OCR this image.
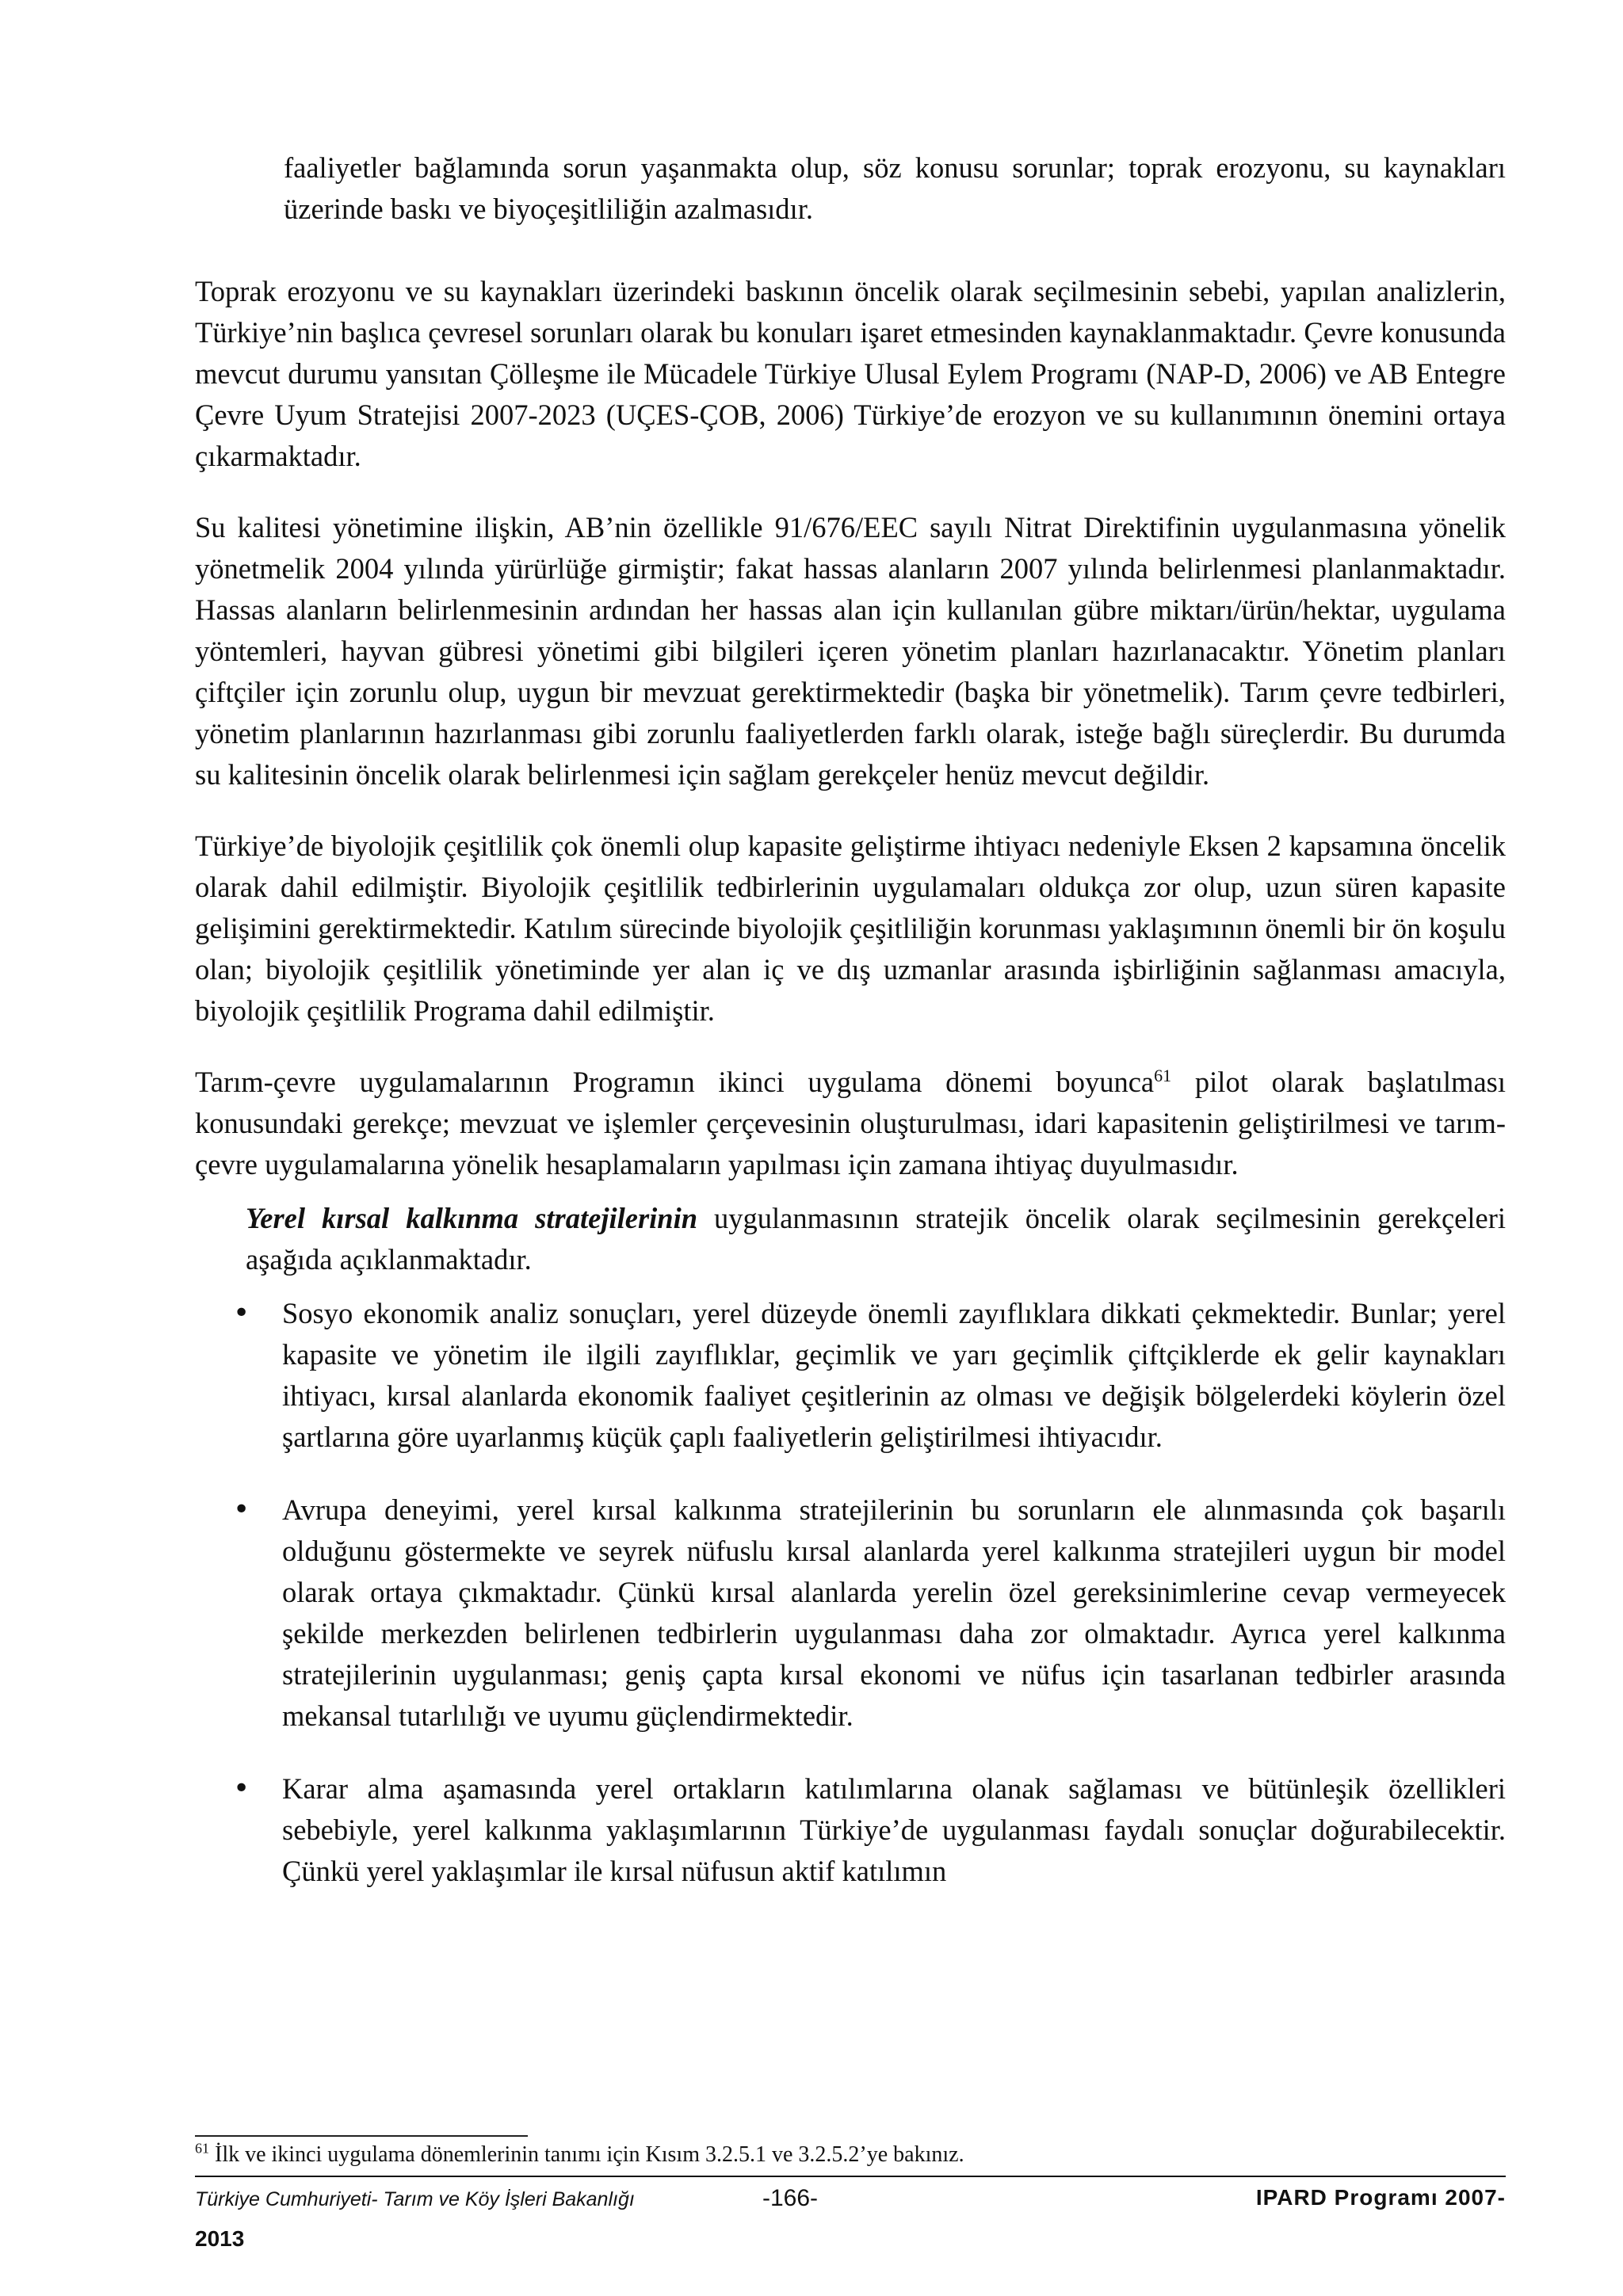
faaliyetler bağlamında sorun yaşanmakta olup, söz konusu sorunlar; toprak erozyonu, su kaynakları üzerinde baskı ve biyoçeşitliliğin azalmasıdır.

Toprak erozyonu ve su kaynakları üzerindeki baskının öncelik olarak seçilmesinin sebebi, yapılan analizlerin, Türkiye’nin başlıca çevresel sorunları olarak bu konuları işaret etmesinden kaynaklanmaktadır. Çevre konusunda mevcut durumu yansıtan Çölleşme ile Mücadele Türkiye Ulusal Eylem Programı (NAP-D, 2006) ve AB Entegre Çevre Uyum Stratejisi 2007-2023 (UÇES-ÇOB, 2006) Türkiye’de erozyon ve su kullanımının önemini ortaya çıkarmaktadır.

Su kalitesi yönetimine ilişkin, AB’nin özellikle 91/676/EEC sayılı Nitrat Direktifinin uygulanmasına yönelik yönetmelik 2004 yılında yürürlüğe girmiştir; fakat hassas alanların 2007 yılında belirlenmesi planlanmaktadır. Hassas alanların belirlenmesinin ardından her hassas alan için kullanılan gübre miktarı/ürün/hektar, uygulama yöntemleri, hayvan gübresi yönetimi gibi bilgileri içeren yönetim planları hazırlanacaktır. Yönetim planları çiftçiler için zorunlu olup, uygun bir mevzuat gerektirmektedir (başka bir yönetmelik). Tarım çevre tedbirleri, yönetim planlarının hazırlanması gibi zorunlu faaliyetlerden farklı olarak, isteğe bağlı süreçlerdir. Bu durumda su kalitesinin öncelik olarak belirlenmesi için sağlam gerekçeler henüz mevcut değildir.

Türkiye’de biyolojik çeşitlilik çok önemli olup kapasite geliştirme ihtiyacı nedeniyle Eksen 2 kapsamına öncelik olarak dahil edilmiştir. Biyolojik çeşitlilik tedbirlerinin uygulamaları oldukça zor olup, uzun süren kapasite gelişimini gerektirmektedir. Katılım sürecinde biyolojik çeşitliliğin korunması yaklaşımının önemli bir ön koşulu olan; biyolojik çeşitlilik yönetiminde yer alan iç ve dış uzmanlar arasında işbirliğinin sağlanması amacıyla, biyolojik çeşitlilik Programa dahil edilmiştir.

Tarım-çevre uygulamalarının Programın ikinci uygulama dönemi boyunca$^{61}$ pilot olarak başlatılması konusundaki gerekçe; mevzuat ve işlemler çerçevesinin oluşturulması, idari kapasitenin geliştirilmesi ve tarım-çevre uygulamalarına yönelik hesaplamaların yapılması için zamana ihtiyaç duyulmasıdır.

Yerel kırsal kalkınma stratejilerinin uygulanmasının stratejik öncelik olarak seçilmesinin gerekçeleri aşağıda açıklanmaktadır.

• Sosyo ekonomik analiz sonuçları, yerel düzeyde önemli zayıflıklara dikkati çekmektedir. Bunlar; yerel kapasite ve yönetim ile ilgili zayıflıklar, geçimlik ve yarı geçimlik çiftçiklerde ek gelir kaynakları ihtiyacı, kırsal alanlarda ekonomik faaliyet çeşitlerinin az olması ve değişik bölgelerdeki köylerin özel şartlarına göre uyarlanmış küçük çaplı faaliyetlerin geliştirilmesi ihtiyacıdır.
• Avrupa deneyimi, yerel kırsal kalkınma stratejilerinin bu sorunların ele alınmasında çok başarılı olduğunu göstermekte ve seyrek nüfuslu kırsal alanlarda yerel kalkınma stratejileri uygun bir model olarak ortaya çıkmaktadır. Çünkü kırsal alanlarda yerelin özel gereksinimlerine cevap vermeyecek şekilde merkezden belirlenen tedbirlerin uygulanması daha zor olmaktadır. Ayrıca yerel kalkınma stratejilerinin uygulanması; geniş çapta kırsal ekonomi ve nüfus için tasarlanan tedbirler arasında mekansal tutarlılığı ve uyumu güçlendirmektedir.
• Karar alma aşamasında yerel ortakların katılımlarına olanak sağlaması ve bütünleşik özellikleri sebebiyle, yerel kalkınma yaklaşımlarının Türkiye’de uygulanması faydalı sonuçlar doğurabilecektir. Çünkü yerel yaklaşımlar ile kırsal nüfusun aktif katılımın
$^{61}$ İlk ve ikinci uygulama dönemlerinin tanımı için Kısım 3.2.5.1 ve 3.2.5.2’ye bakınız.
Türkiye Cumhuriyeti- Tarım ve Köy İşleri Bakanlığı	-166-	IPARD Programı 2007-
2013
